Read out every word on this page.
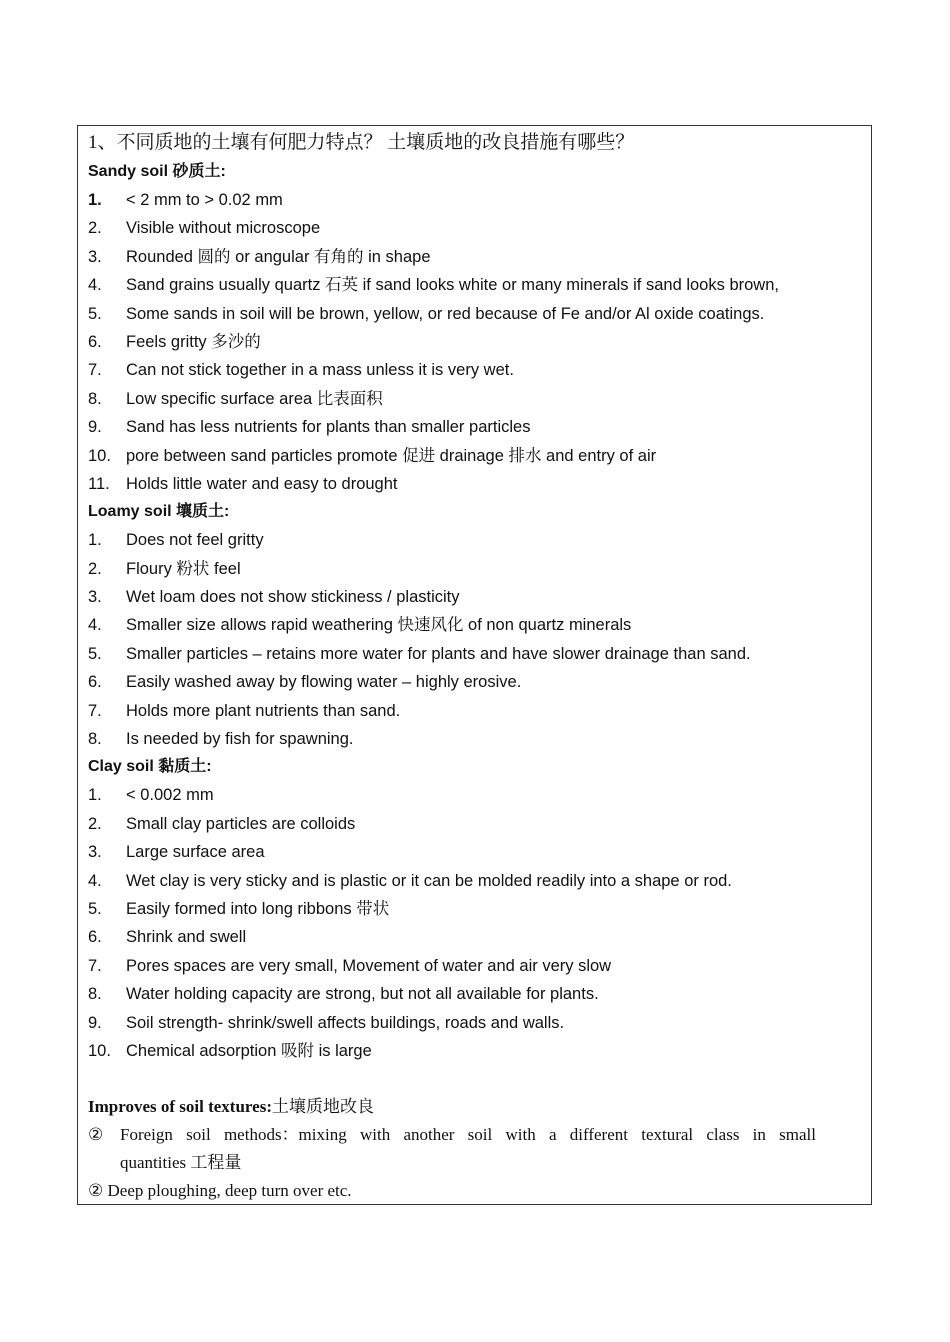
1、不同质地的土壤有何肥力特点？ 土壤质地的改良措施有哪些？

Sandy soil 砂质土:

1.	< 2 mm to > 0.02 mm
2.	Visible without microscope
3.	Rounded 圆的 or angular 有角的 in shape
4.	Sand grains usually quartz 石英 if sand looks white or many minerals if sand looks brown,
5.	Some sands in soil will be brown, yellow, or red because of Fe and/or Al oxide coatings.
6.	Feels gritty 多沙的
7.	Can not stick together in a mass unless it is very wet.
8.	Low specific surface area 比表面积
9.	Sand has less nutrients for plants than smaller particles
10. pore between sand particles promote 促进 drainage 排水 and entry of air
11. Holds little water and easy to drought

Loamy soil 壤质土:

1.	Does not feel gritty
2.	Floury 粉状 feel
3.	Wet loam does not show stickiness / plasticity
4.	Smaller size allows rapid weathering 快速风化 of non quartz minerals
5.	Smaller particles – retains more water for plants and have slower drainage than sand.
6.	Easily washed away by flowing water – highly erosive.
7.	Holds more plant nutrients than sand.
8.	Is needed by fish for spawning.

Clay soil 黏质土:

1.	< 0.002 mm
2.	Small clay particles are colloids
3.	Large surface area
4.	Wet clay is very sticky and is plastic or it can be molded readily into a shape or rod.
5.	Easily formed into long ribbons 带状
6.	Shrink and swell
7.	Pores spaces are very small, Movement of water and air very slow
8.	Water holding capacity are strong, but not all available for plants.
9.	Soil strength- shrink/swell affects buildings, roads and walls.
10. Chemical adsorption 吸附 is large

Improves of soil textures:土壤质地改良

② Foreign soil methods：mixing with another soil with a different textural class in small
quantities 工程量
② Deep ploughing, deep turn over etc.
